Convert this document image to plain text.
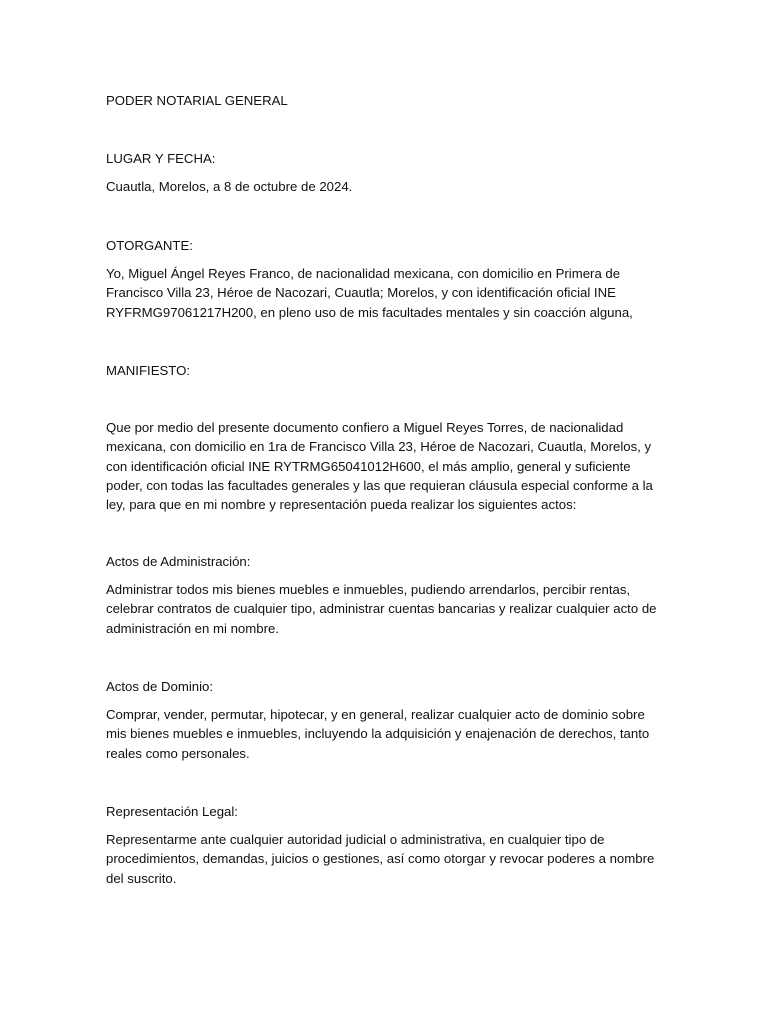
PODER NOTARIAL GENERAL

LUGAR Y FECHA:

Cuautla, Morelos, a 8 de octubre de 2024.

OTORGANTE:

Yo, Miguel Ángel Reyes Franco, de nacionalidad mexicana, con domicilio en Primera de Francisco Villa 23, Héroe de Nacozari, Cuautla; Morelos, y con identificación oficial INE RYFRMG97061217H200, en pleno uso de mis facultades mentales y sin coacción alguna,

MANIFIESTO:

Que por medio del presente documento confiero a Miguel Reyes Torres, de nacionalidad mexicana, con domicilio en 1ra de Francisco Villa 23, Héroe de Nacozari, Cuautla, Morelos, y con identificación oficial INE RYTRMG65041012H600, el más amplio, general y suficiente poder, con todas las facultades generales y las que requieran cláusula especial conforme a la ley, para que en mi nombre y representación pueda realizar los siguientes actos:

Actos de Administración:

Administrar todos mis bienes muebles e inmuebles, pudiendo arrendarlos, percibir rentas, celebrar contratos de cualquier tipo, administrar cuentas bancarias y realizar cualquier acto de administración en mi nombre.

Actos de Dominio:

Comprar, vender, permutar, hipotecar, y en general, realizar cualquier acto de dominio sobre mis bienes muebles e inmuebles, incluyendo la adquisición y enajenación de derechos, tanto reales como personales.

Representación Legal:

Representarme ante cualquier autoridad judicial o administrativa, en cualquier tipo de procedimientos, demandas, juicios o gestiones, así como otorgar y revocar poderes a nombre del suscrito.
